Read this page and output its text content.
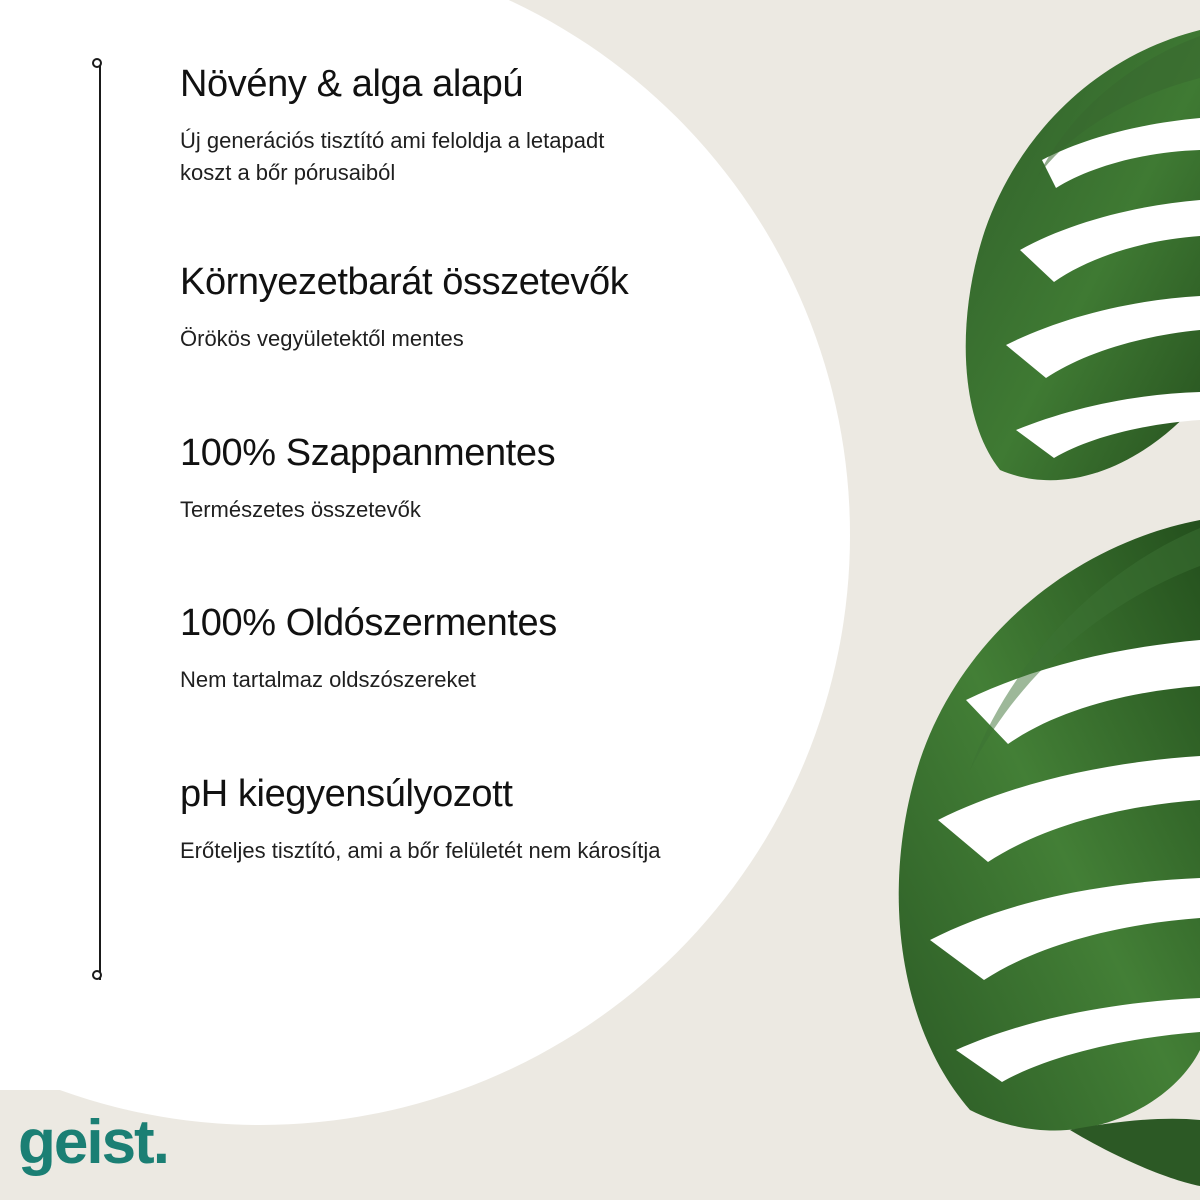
Növény & alga alapú

Új generációs tisztító ami feloldja a letapadt koszt a bőr pórusaiból

Környezetbarát összetevők

Örökös vegyületektől mentes

100% Szappanmentes

Természetes összetevők

100% Oldószermentes

Nem tartalmaz oldszószereket

pH kiegyensúlyozott

Erőteljes tisztító, ami a bőr felületét nem károsítja

geist.
